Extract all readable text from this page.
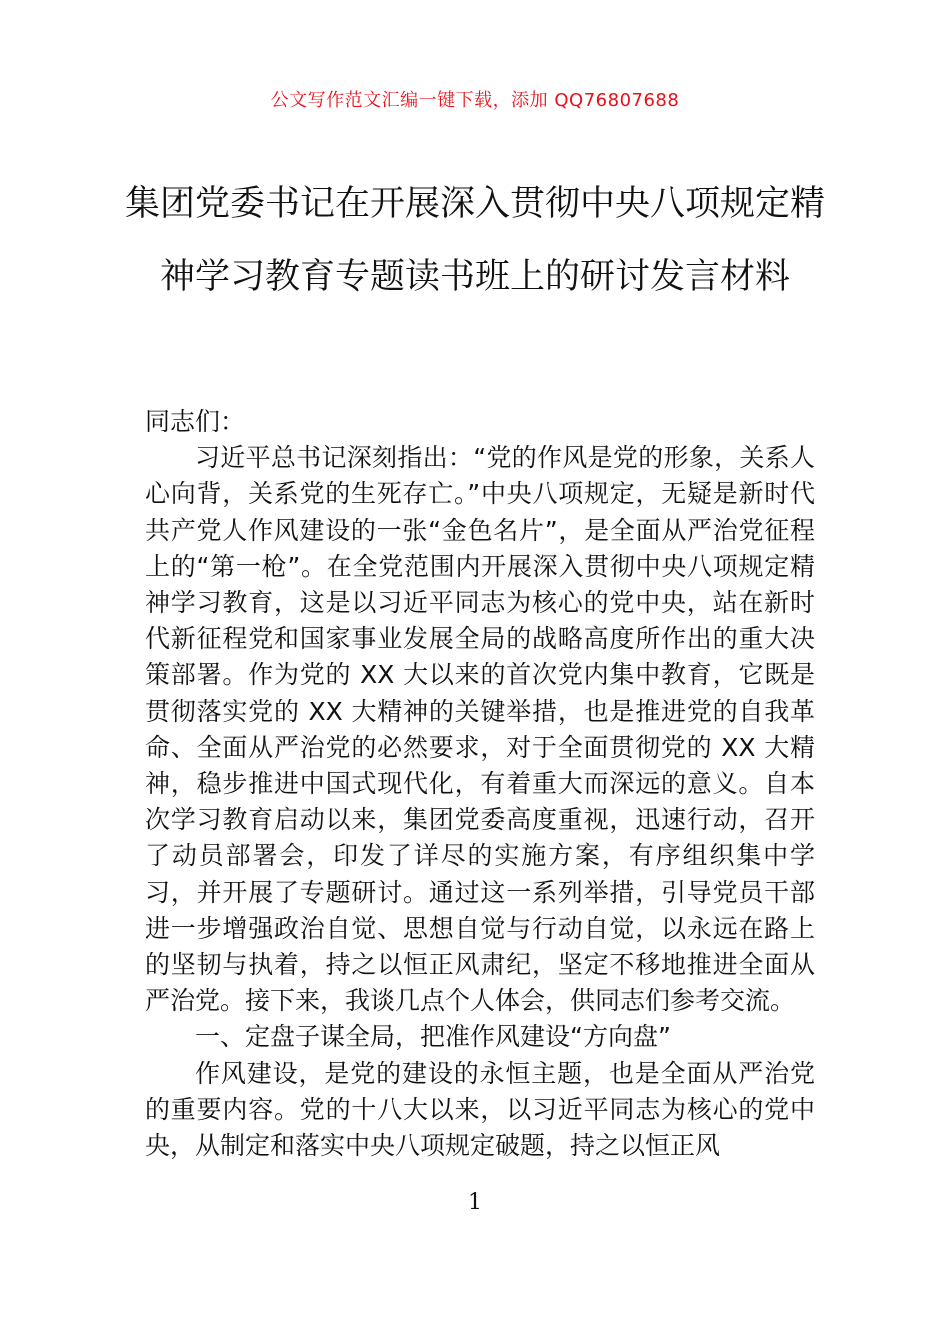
公文写作范文汇编一键下载，添加 QQ76807688
集团党委书记在开展深入贯彻中央八项规定精神学习教育专题读书班上的研讨发言材料

同志们：

习近平总书记深刻指出：“党的作风是党的形象，关系人心向背，关系党的生死存亡。”中央八项规定，无疑是新时代共产党人作风建设的一张“金色名片”，是全面从严治党征程上的“第一枪”。在全党范围内开展深入贯彻中央八项规定精神学习教育，这是以习近平同志为核心的党中央，站在新时代新征程党和国家事业发展全局的战略高度所作出的重大决策部署。作为党的 XX 大以来的首次党内集中教育，它既是贯彻落实党的 XX 大精神的关键举措，也是推进党的自我革命、全面从严治党的必然要求，对于全面贯彻党的 XX 大精神，稳步推进中国式现代化，有着重大而深远的意义。自本次学习教育启动以来，集团党委高度重视，迅速行动，召开了动员部署会，印发了详尽的实施方案，有序组织集中学习，并开展了专题研讨。通过这一系列举措，引导党员干部进一步增强政治自觉、思想自觉与行动自觉，以永远在路上的坚韧与执着，持之以恒正风肃纪，坚定不移地推进全面从严治党。接下来，我谈几点个人体会，供同志们参考交流。

一、定盘子谋全局，把准作风建设“方向盘”

作风建设，是党的建设的永恒主题，也是全面从严治党的重要内容。党的十八大以来，以习近平同志为核心的党中央，从制定和落实中央八项规定破题，持之以恒正风

1
